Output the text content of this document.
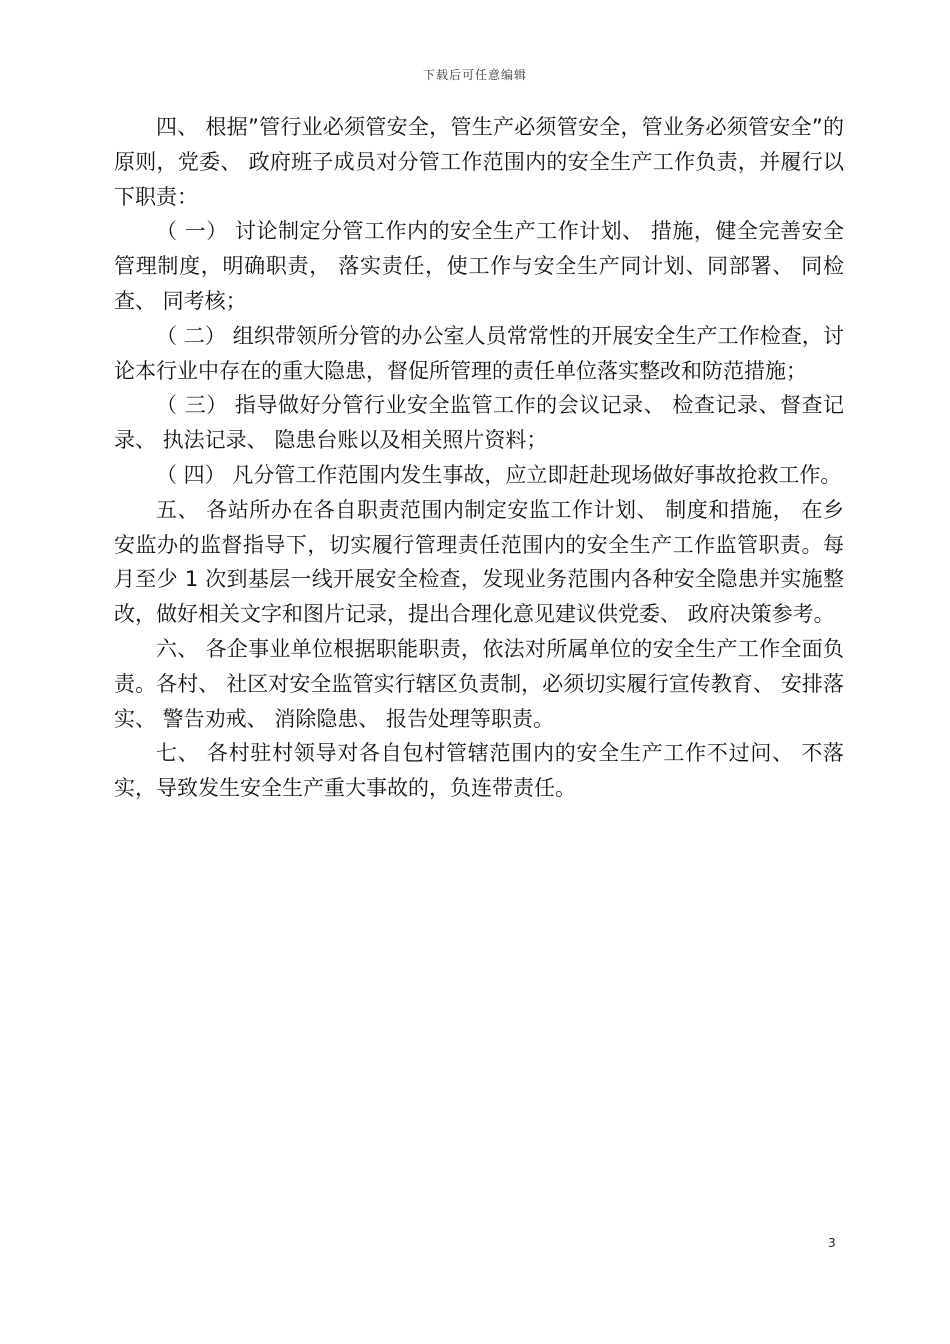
下载后可任意编辑

四、 根据”管行业必须管安全，管生产必须管安全，管业务必须管安全”的原则，党委、 政府班子成员对分管工作范围内的安全生产工作负责，并履行以下职责：

（ 一） 讨论制定分管工作内的安全生产工作计划、 措施，健全完善安全管理制度，明确职责， 落实责任，使工作与安全生产同计划、同部署、 同检查、 同考核；

（ 二） 组织带领所分管的办公室人员常常性的开展安全生产工作检查，讨论本行业中存在的重大隐患，督促所管理的责任单位落实整改和防范措施；

（ 三） 指导做好分管行业安全监管工作的会议记录、 检查记录、督查记录、 执法记录、 隐患台账以及相关照片资料；

（ 四） 凡分管工作范围内发生事故，应立即赶赴现场做好事故抢救工作。

五、 各站所办在各自职责范围内制定安监工作计划、 制度和措施， 在乡安监办的监督指导下，切实履行管理责任范围内的安全生产工作监管职责。每月至少 1 次到基层一线开展安全检查，发现业务范围内各种安全隐患并实施整改，做好相关文字和图片记录，提出合理化意见建议供党委、 政府决策参考。

六、 各企事业单位根据职能职责，依法对所属单位的安全生产工作全面负责。各村、 社区对安全监管实行辖区负责制，必须切实履行宣传教育、 安排落实、 警告劝戒、 消除隐患、 报告处理等职责。

七、 各村驻村领导对各自包村管辖范围内的安全生产工作不过问、 不落实，导致发生安全生产重大事故的，负连带责任。

3
